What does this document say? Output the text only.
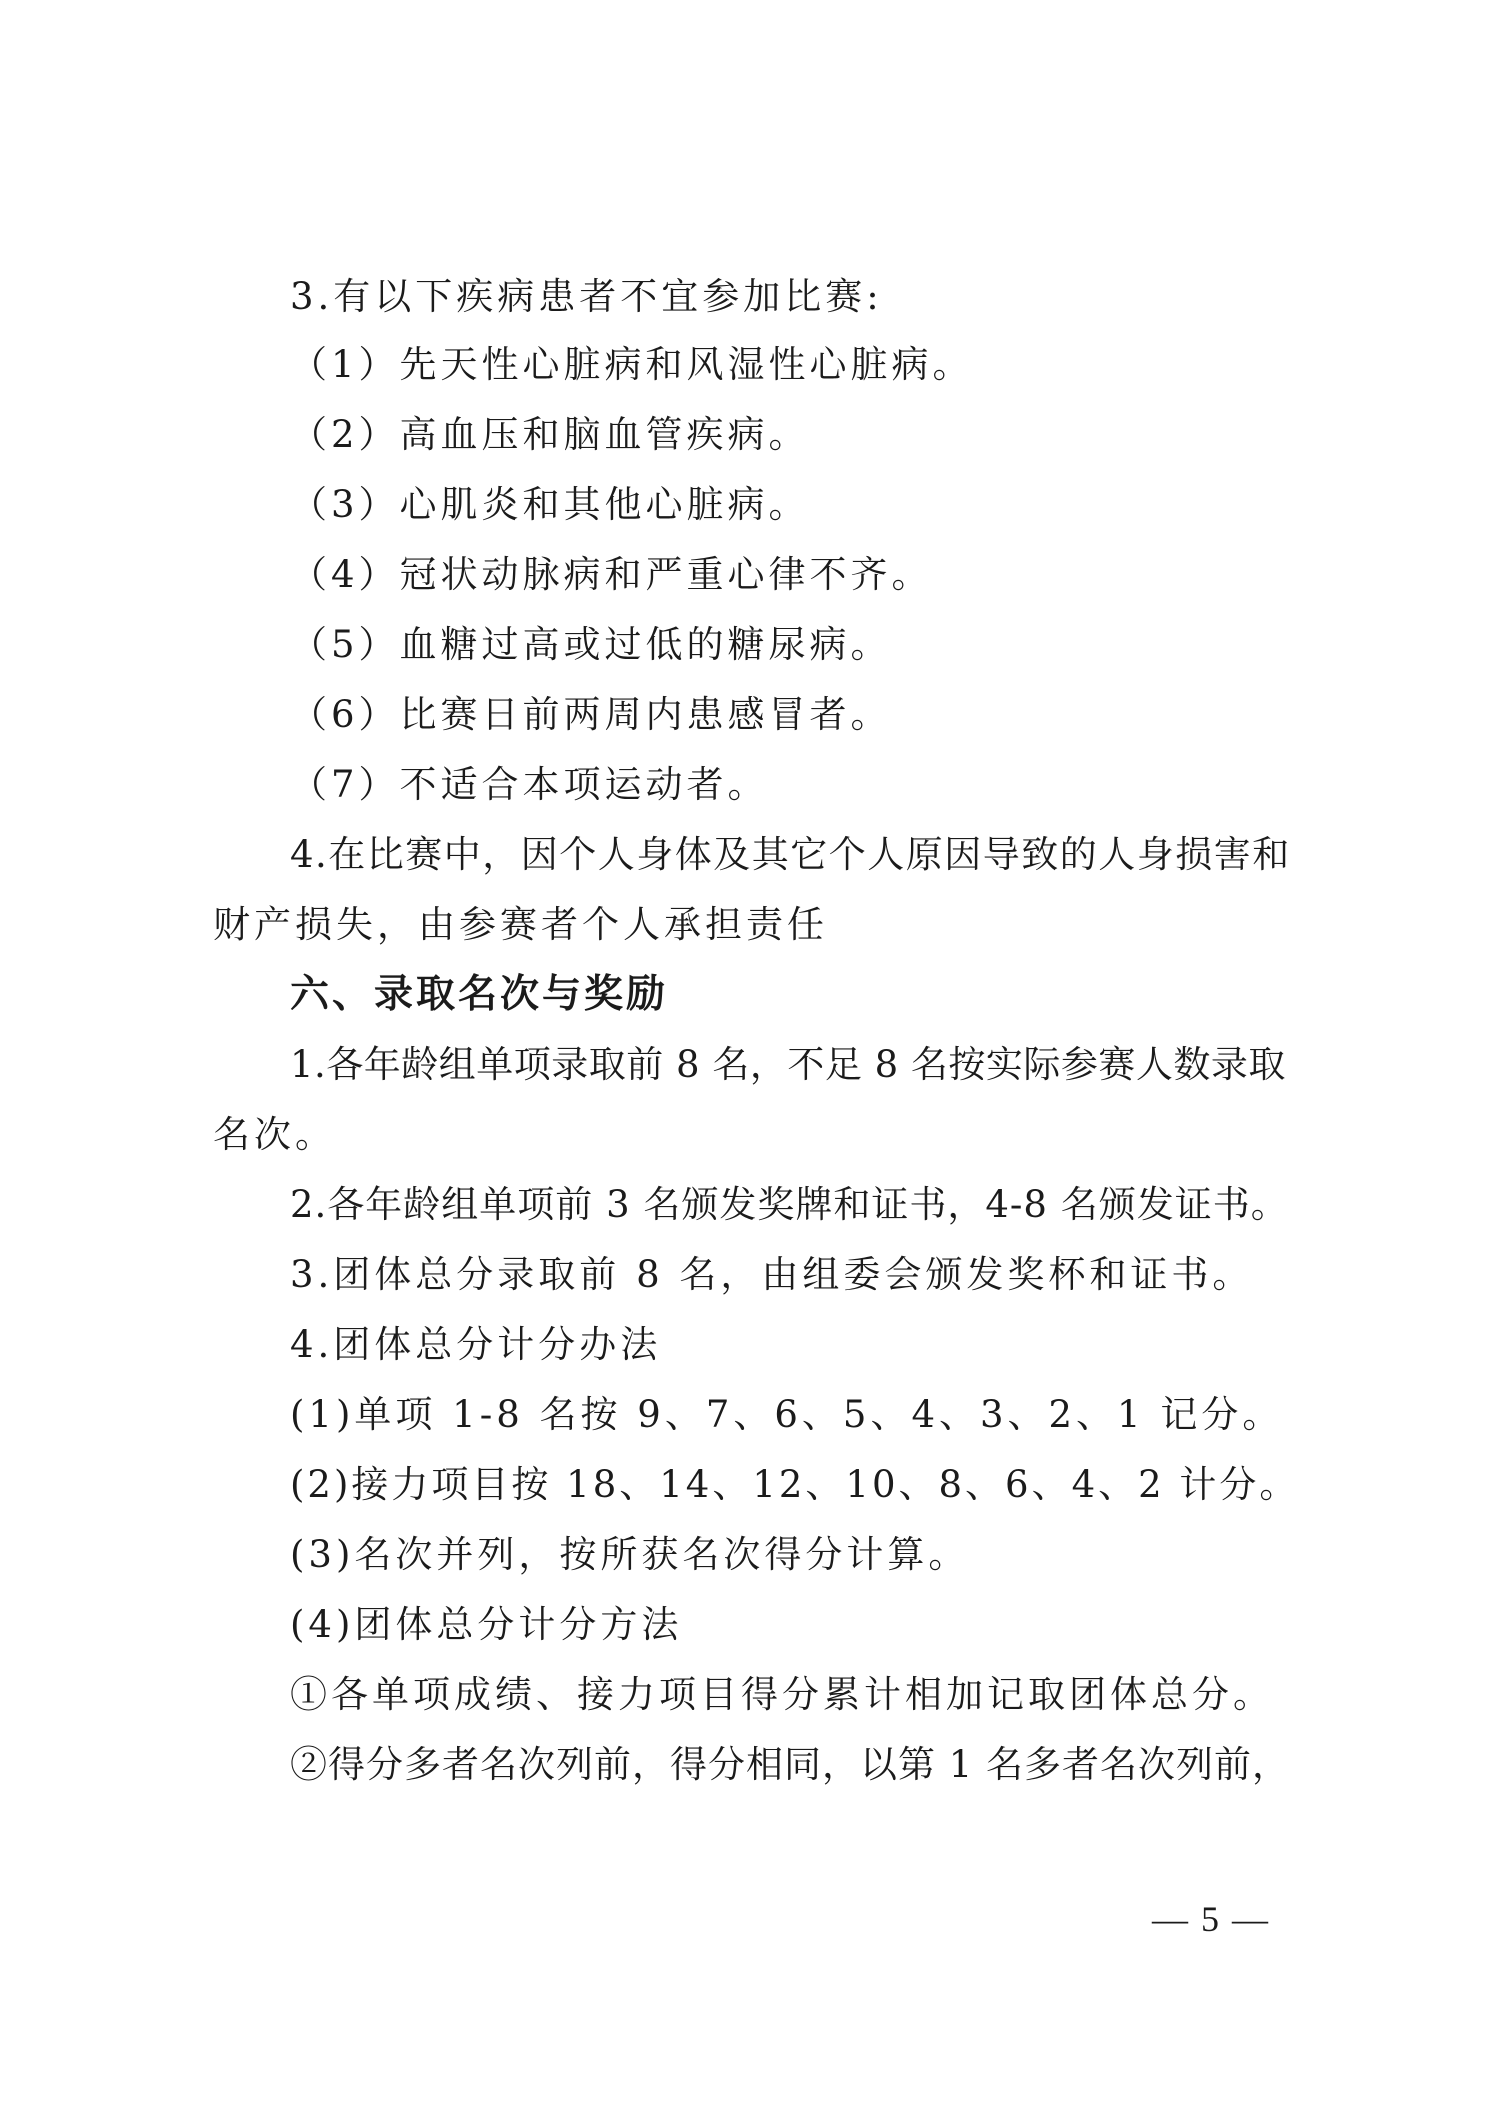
3.有以下疾病患者不宜参加比赛:
（1）先天性心脏病和风湿性心脏病。
（2）高血压和脑血管疾病。
（3）心肌炎和其他心脏病。
（4）冠状动脉病和严重心律不齐。
（5）血糖过高或过低的糖尿病。
（6）比赛日前两周内患感冒者。
（7）不适合本项运动者。
4.在比赛中，因个人身体及其它个人原因导致的人身损害和
财产损失，由参赛者个人承担责任
六、录取名次与奖励
1.各年龄组单项录取前 8 名，不足 8 名按实际参赛人数录取
名次。
2.各年龄组单项前 3 名颁发奖牌和证书，4-8 名颁发证书。
3.团体总分录取前 8 名，由组委会颁发奖杯和证书。
4.团体总分计分办法
(1)单项 1-8 名按 9、7、6、5、4、3、2、1 记分。
(2)接力项目按 18、14、12、10、8、6、4、2 计分。
(3)名次并列，按所获名次得分计算。
(4)团体总分计分方法
①各单项成绩、接力项目得分累计相加记取团体总分。
②得分多者名次列前，得分相同，以第 1 名多者名次列前，
— 5 —
